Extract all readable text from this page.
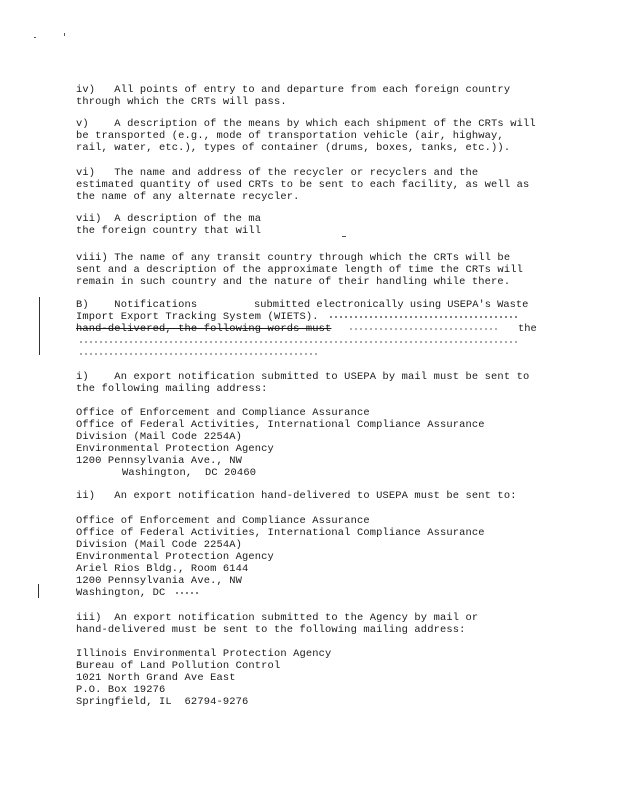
iv)   All points of entry to and departure from each foreign country
through which the CRTs will pass.
v)    A description of the means by which each shipment of the CRTs will
be transported (e.g., mode of transportation vehicle (air, highway,
rail, water, etc.), types of container (drums, boxes, tanks, etc.)).
vi)   The name and address of the recycler or recyclers and the
estimated quantity of used CRTs to be sent to each facility, as well as
the name of any alternate recycler.
vii)  A description of the ma
the foreign country that will
viii) The name of any transit country through which the CRTs will be
sent and a description of the approximate length of time the CRTs will
remain in such country and the nature of their handling while there.
B)    Notifications	submitted electronically using USEPA's Waste
Import Export Tracking System (WIETS).
hand-delivered, the following words must	the
i)    An export notification submitted to USEPA by mail must be sent to
the following mailing address:
Office of Enforcement and Compliance Assurance
Office of Federal Activities, International Compliance Assurance
Division (Mail Code 2254A)
Environmental Protection Agency
1200 Pennsylvania Ave., NW
Washington,  DC 20460
ii)   An export notification hand-delivered to USEPA must be sent to:
Office of Enforcement and Compliance Assurance
Office of Federal Activities, International Compliance Assurance
Division (Mail Code 2254A)
Environmental Protection Agency
Ariel Rios Bldg., Room 6144
1200 Pennsylvania Ave., NW
Washington, DC
iii)  An export notification submitted to the Agency by mail or
hand-delivered must be sent to the following mailing address:
Illinois Environmental Protection Agency
Bureau of Land Pollution Control
1021 North Grand Ave East
P.O. Box 19276
Springfield, IL  62794-9276
